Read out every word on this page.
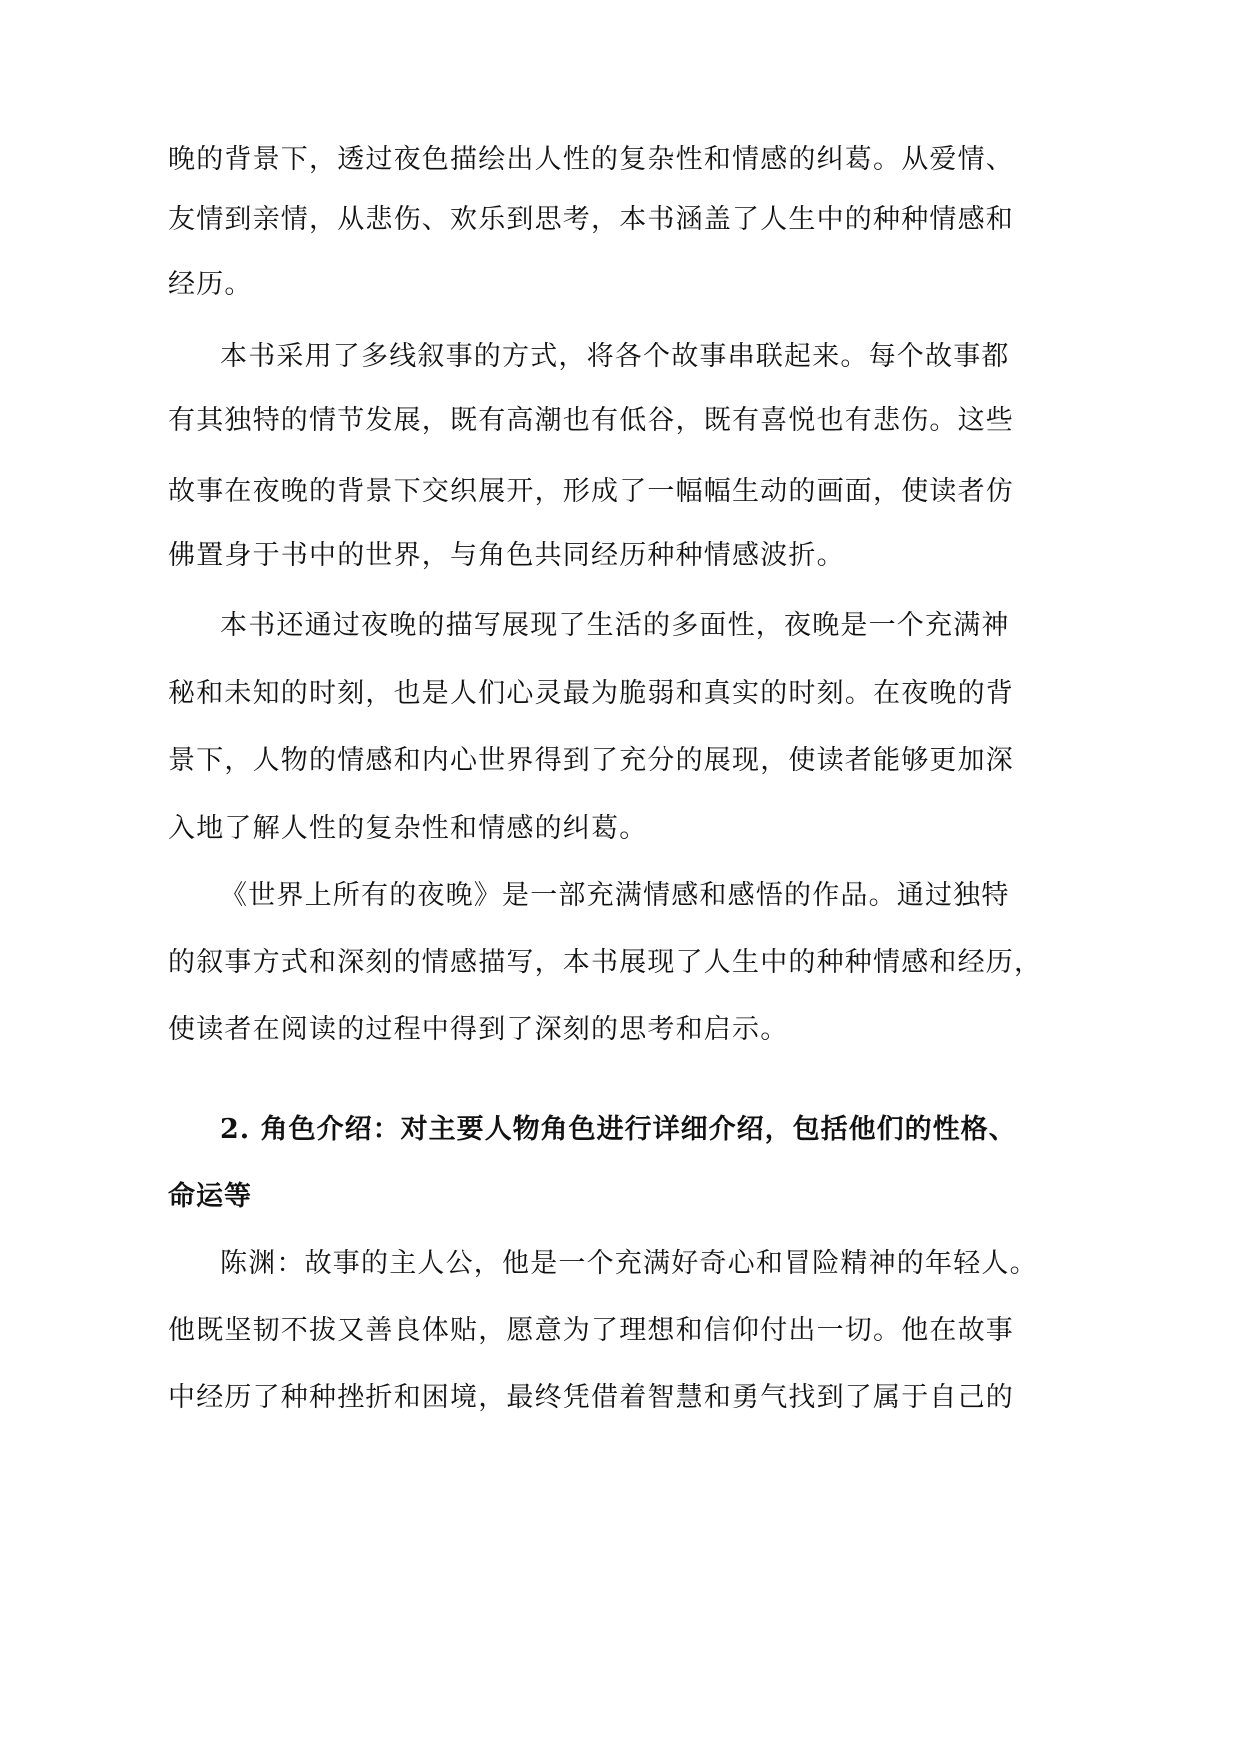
晚的背景下，透过夜色描绘出人性的复杂性和情感的纠葛。从爱情、
友情到亲情，从悲伤、欢乐到思考，本书涵盖了人生中的种种情感和
经历。
本书采用了多线叙事的方式，将各个故事串联起来。每个故事都
有其独特的情节发展，既有高潮也有低谷，既有喜悦也有悲伤。这些
故事在夜晚的背景下交织展开，形成了一幅幅生动的画面，使读者仿
佛置身于书中的世界，与角色共同经历种种情感波折。
本书还通过夜晚的描写展现了生活的多面性，夜晚是一个充满神
秘和未知的时刻，也是人们心灵最为脆弱和真实的时刻。在夜晚的背
景下，人物的情感和内心世界得到了充分的展现，使读者能够更加深
入地了解人性的复杂性和情感的纠葛。
《世界上所有的夜晚》是一部充满情感和感悟的作品。通过独特
的叙事方式和深刻的情感描写，本书展现了人生中的种种情感和经历，
使读者在阅读的过程中得到了深刻的思考和启示。
2. 角色介绍：对主要人物角色进行详细介绍，包括他们的性格、
命运等
陈渊：故事的主人公，他是一个充满好奇心和冒险精神的年轻人。
他既坚韧不拔又善良体贴，愿意为了理想和信仰付出一切。他在故事
中经历了种种挫折和困境，最终凭借着智慧和勇气找到了属于自己的
